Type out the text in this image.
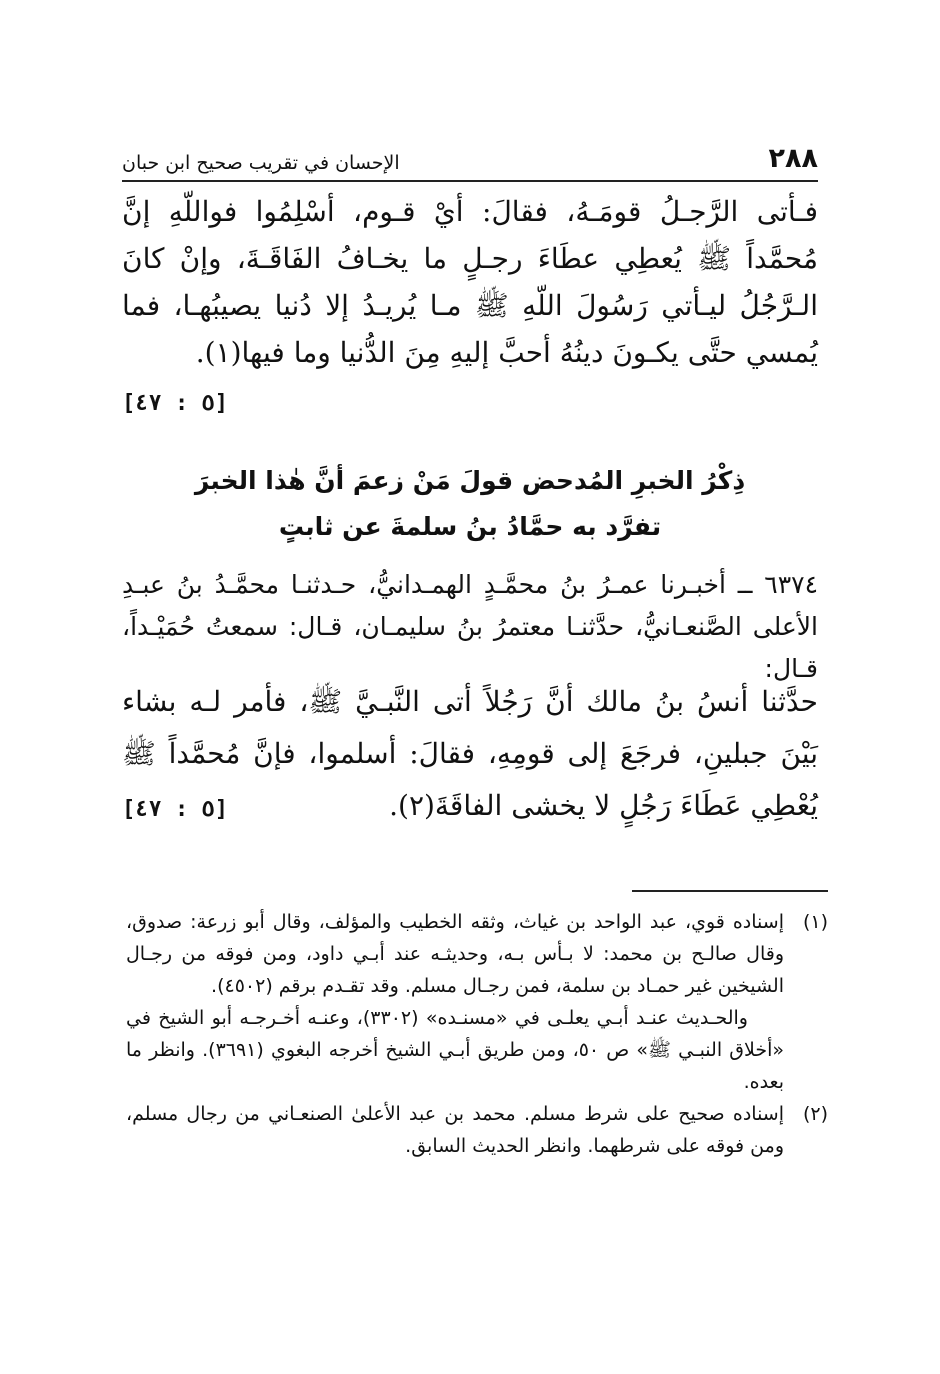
٢٨٨
الإحسان في تقريب صحيح ابن حبان
فـأتى الرَّجـلُ قومَـهُ، فقالَ: أيْ قـوم، أسْلِمُوا فواللّهِ إنَّ مُحمَّداً ﷺ يُعطِي عطَاءَ رجـلٍ ما يخـافُ الفَاقَـةَ، وإنْ كانَ الـرَّجُلُ ليـأتي رَسُولَ اللّهِ ﷺ مـا يُريـدُ إلا دُنيا يصيبُهـا، فما يُمسي حتَّى يكـونَ دينُهُ أحبَّ إليهِ مِنَ الدُّنيا وما فيها(١).
[٥ : ٤٧]
ذِكْرُ الخبرِ المُدحض قولَ مَنْ زعمَ أنَّ هٰذا الخبرَ
تفرَّد به حمَّادُ بنُ سلمةَ عن ثابتٍ
٦٣٧٤ ــ أخبـرنا عمـرُ بنُ محمَّـدٍ الهمـدانيُّ، حـدثنـا محمَّـدُ بنُ عبـدِ الأعلى الصَّنعـانيُّ، حدَّثنـا معتمرُ بنُ سليمـان، قـال: سمعتُ حُمَيْـداً، قـال:
حدَّثنا أنسُ بنُ مالك أنَّ رَجُلاً أتى النَّبـيَّ ﷺ، فأمر لـه بشاء بَيْنَ جبلينِ، فرجَعَ إلى قومِهِ، فقالَ: أسلموا، فإنَّ مُحمَّداً ﷺ يُعْطِي عَطَاءَ رَجُلٍ لا يخشى الفاقَةَ(٢).
[٥ : ٤٧]
(١)
إسناده قوي، عبد الواحد بن غياث، وثقه الخطيب والمؤلف، وقال أبو زرعة: صدوق، وقال صالـح بن محمد: لا بـأس بـه، وحديثـه عند أبـي داود، ومن فوقه من رجـال الشيخين غير حمـاد بن سلمة، فمن رجـال مسلم. وقد تقـدم برقم (٤٥٠٢).
والحـديث عنـد أبـي يعلـى في «مسنـده» (٣٣٠٢)، وعنـه أخـرجـه أبو الشيخ في «أخلاق النبـي ﷺ» ص ٥٠، ومن طريق أبـي الشيخ أخرجه البغوي (٣٦٩١). وانظر ما بعده.
(٢)
إسناده صحيح على شرط مسلم. محمد بن عبد الأعلىٰ الصنعـاني من رجال مسلم، ومن فوقه على شرطهما. وانظر الحديث السابق.
